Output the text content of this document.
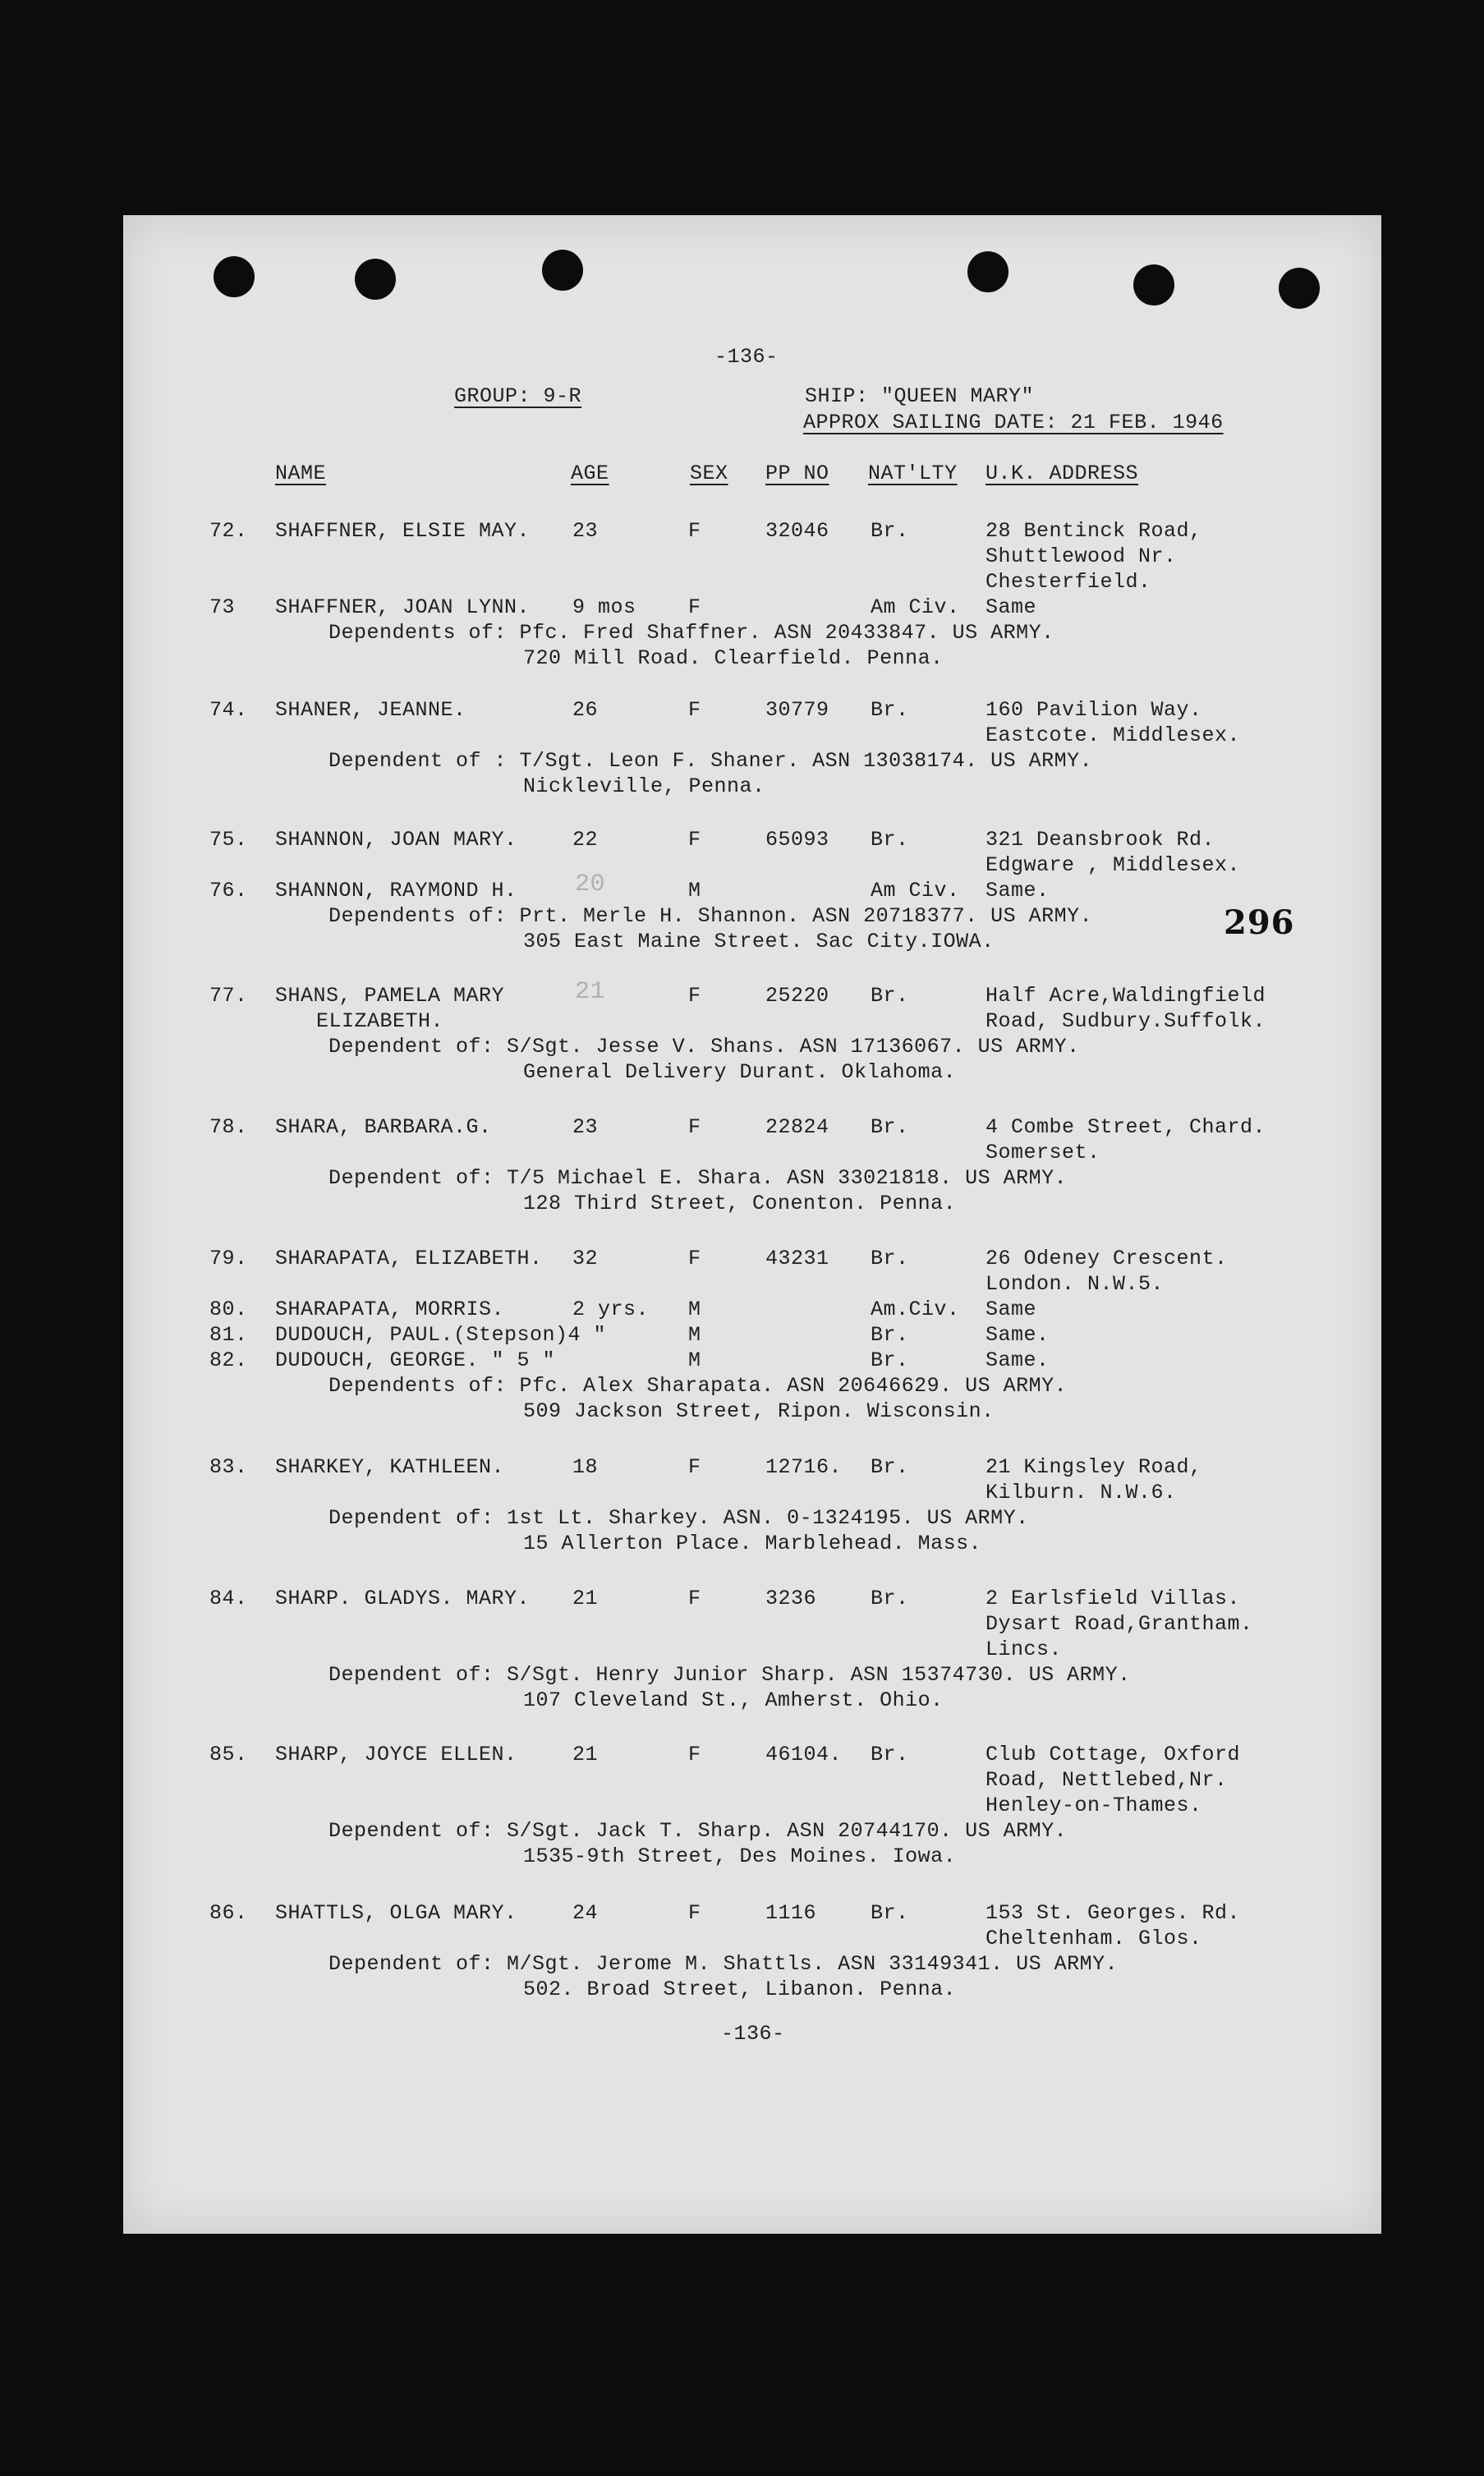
-136-
GROUP: 9-R	SHIP: "QUEEN MARY"
APPROX SAILING DATE: 21 FEB. 1946
NAME	AGE	SEX PP NO NAT'LTY U.K. ADDRESS
296
20
21
72. SHAFFNER, ELSIE MAY. 23	F	32046 Br.	28 Bentinck Road,
Shuttlewood Nr.
Chesterfield.
73 SHAFFNER, JOAN LYNN. 9 mos	F	Am Civ. Same
Dependents of: Pfc. Fred Shaffner. ASN 20433847. US ARMY.
720 Mill Road. Clearfield. Penna.
74. SHANER, JEANNE.	26	F	30779 Br.	160 Pavilion Way.
Eastcote. Middlesex.
Dependent of : T/Sgt. Leon F. Shaner. ASN 13038174. US ARMY.
Nickleville, Penna.
75. SHANNON, JOAN MARY.	22	F	65093 Br.	321 Deansbrook Rd.
Edgware , Middlesex.
76. SHANNON, RAYMOND H.	M	Am Civ. Same.
Dependents of: Prt. Merle H. Shannon. ASN 20718377. US ARMY.
305 East Maine Street. Sac City.IOWA.
77. SHANS, PAMELA MARY	F	25220 Br.	Half Acre,Waldingfield
ELIZABETH.	Road, Sudbury.Suffolk.
Dependent of: S/Sgt. Jesse V. Shans. ASN 17136067. US ARMY.
General Delivery Durant. Oklahoma.
78. SHARA, BARBARA.G.	23	F	22824 Br.	4 Combe Street, Chard.
Somerset.
Dependent of: T/5 Michael E. Shara. ASN 33021818. US ARMY.
128 Third Street, Conenton. Penna.
79. SHARAPATA, ELIZABETH. 32	F	43231 Br.	26 Odeney Crescent.
London. N.W.5.
80. SHARAPATA, MORRIS.	2 yrs. M	Am.Civ. Same
81. DUDOUCH, PAUL.(Stepson)4 "	M	Br.	Same.
82. DUDOUCH, GEORGE. " 5 "	M	Br.	Same.
Dependents of: Pfc. Alex Sharapata. ASN 20646629. US ARMY.
509 Jackson Street, Ripon. Wisconsin.
83. SHARKEY, KATHLEEN.	18	F	12716. Br.	21 Kingsley Road,
Kilburn. N.W.6.
Dependent of: 1st Lt. Sharkey. ASN. 0-1324195. US ARMY.
15 Allerton Place. Marblehead. Mass.
84. SHARP. GLADYS. MARY. 21	F	3236	Br.	2 Earlsfield Villas.
Dysart Road,Grantham.
Lincs.
Dependent of: S/Sgt. Henry Junior Sharp. ASN 15374730. US ARMY.
107 Cleveland St., Amherst. Ohio.
85. SHARP, JOYCE ELLEN.	21	F	46104. Br.	Club Cottage, Oxford
Road, Nettlebed,Nr.
Henley-on-Thames.
Dependent of: S/Sgt. Jack T. Sharp. ASN 20744170. US ARMY.
1535-9th Street, Des Moines. Iowa.
86. SHATTLS, OLGA MARY.	24	F	1116	Br.	153 St. Georges. Rd.
Cheltenham. Glos.
Dependent of: M/Sgt. Jerome M. Shattls. ASN 33149341. US ARMY.
502. Broad Street, Libanon. Penna.
-136-
